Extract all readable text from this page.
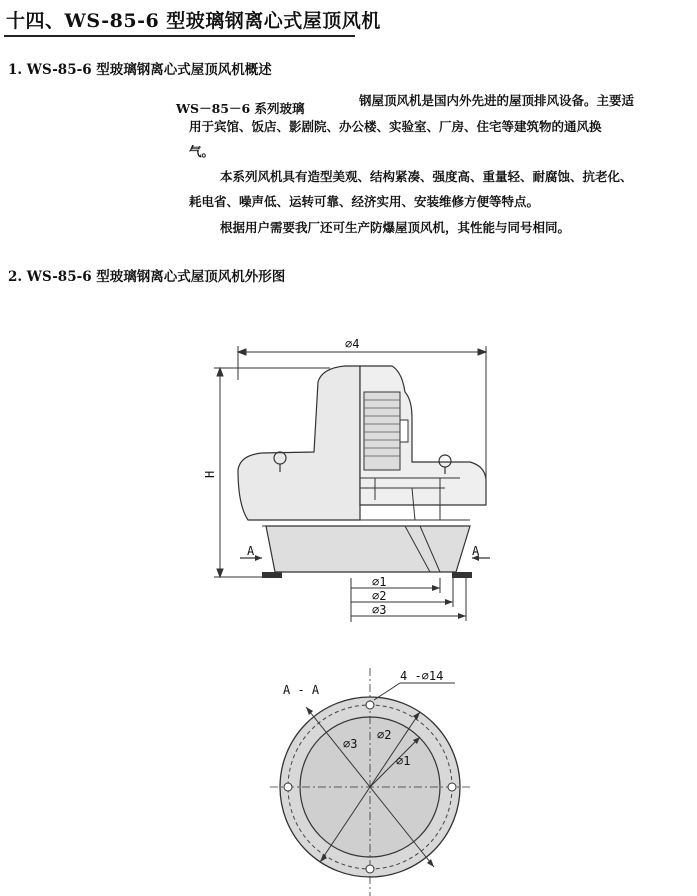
十四、WS-85-6 型玻璃钢离心式屋顶风机
1. WS-85-6 型玻璃钢离心式屋顶风机概述
WS－85－6 系列玻璃
钢屋顶风机是国内外先进的屋顶排风设备。主要适
用于宾馆、饭店、影剧院、办公楼、实验室、厂房、住宅等建筑物的通风换
气。
本系列风机具有造型美观、结构紧凑、强度高、重量轻、耐腐蚀、抗老化、
耗电省、噪声低、运转可靠、经济实用、安装维修方便等特点。
根据用户需要我厂还可生产防爆屋顶风机，其性能与同号相同。
2. WS-85-6 型玻璃钢离心式屋顶风机外形图
∅4
H
A	A
∅1
∅2
∅3
A - A
4 -∅14
∅3
∅2
∅1
